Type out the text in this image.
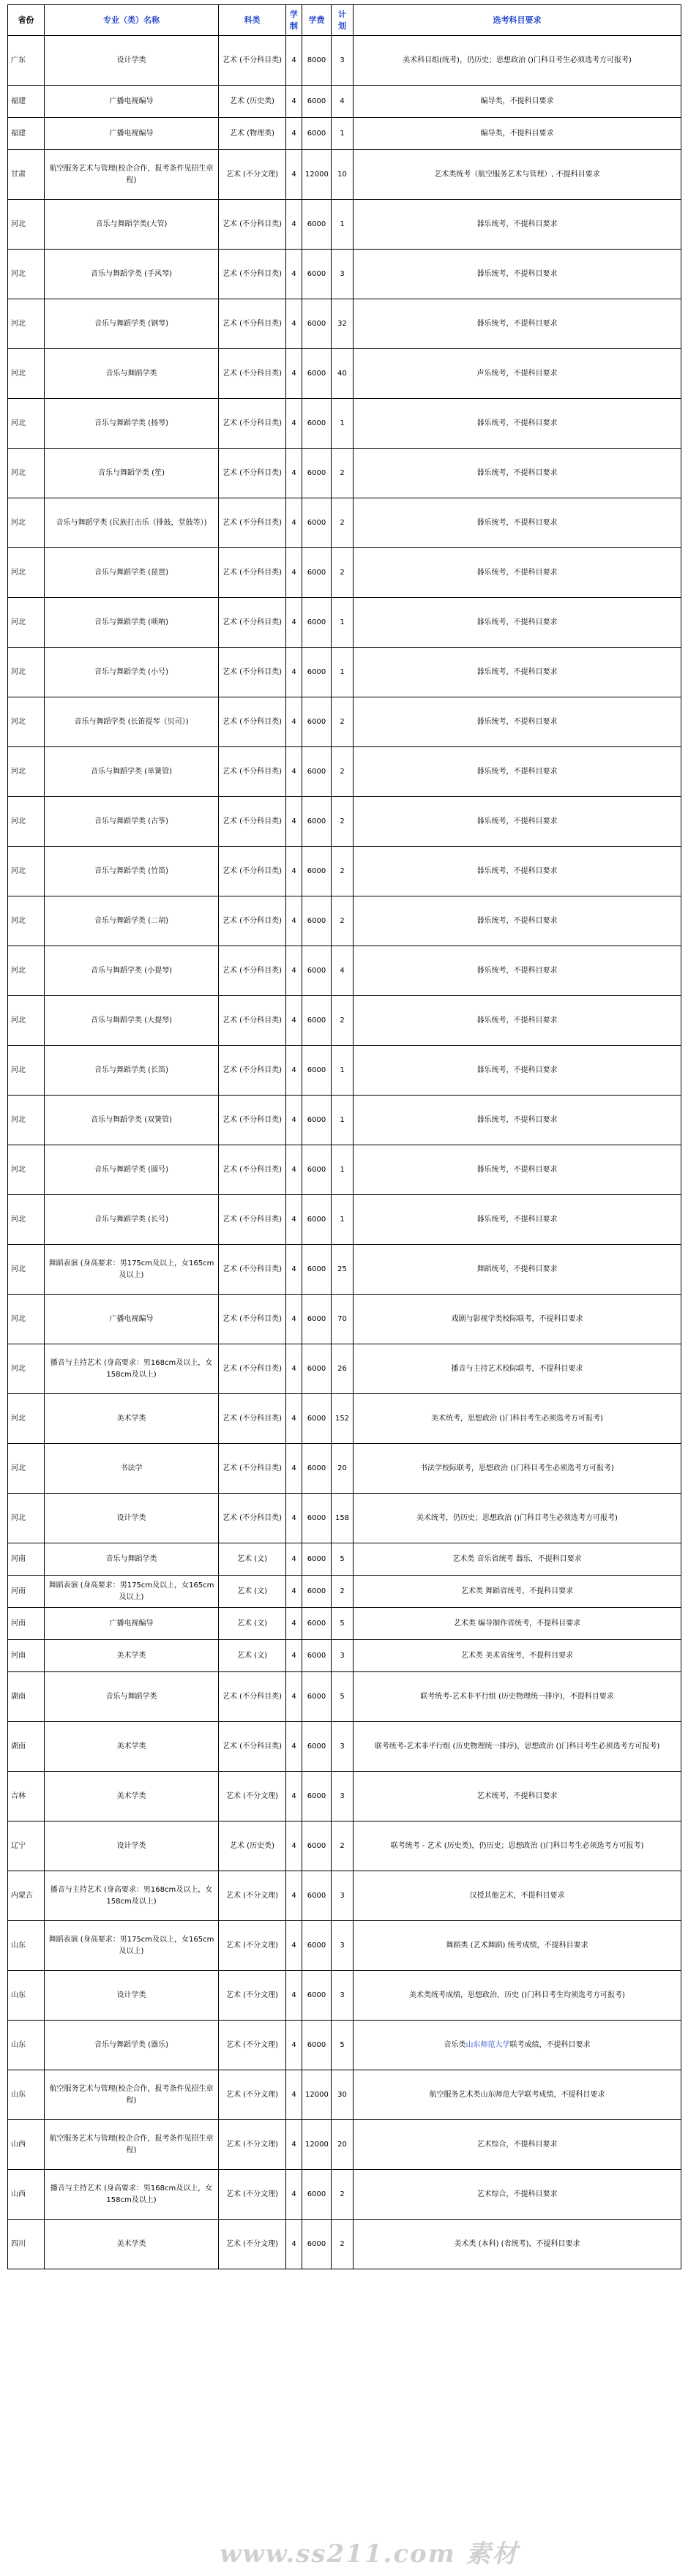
省份	专业（类）名称	科类	学制	学费	计划	选考科目要求
广东	设计学类	艺术 (不分科目类)	4	8000	3	美术科目组(统考)，仍历史；思想政治 ()门科目考生必须选考方可报考)
福建	广播电视编导	艺术 (历史类)	4	6000	4	编导类，不提科目要求
福建	广播电视编导	艺术 (物理类)	4	6000	1	编导类，不提科目要求
甘肃	航空服务艺术与管理(校企合作，报考条件见招生章程)	艺术 (不分文理)	4	12000	10	艺术类统考（航空服务艺术与管理）, 不提科目要求
河北	音乐与舞蹈学类(大管)	艺术 (不分科目类)	4	6000	1	器乐统考，不提科目要求
河北	音乐与舞蹈学类 (手风琴)	艺术 (不分科目类)	4	6000	3	器乐统考，不提科目要求
河北	音乐与舞蹈学类 (钢琴)	艺术 (不分科目类)	4	6000	32	器乐统考，不提科目要求
河北	音乐与舞蹈学类	艺术 (不分科目类)	4	6000	40	声乐统考，不提科目要求
河北	音乐与舞蹈学类 (扬琴)	艺术 (不分科目类)	4	6000	1	器乐统考，不提科目要求
河北	音乐与舞蹈学类 (笙)	艺术 (不分科目类)	4	6000	2	器乐统考，不提科目要求
河北	音乐与舞蹈学类 (民族打击乐（排鼓，堂鼓等）)	艺术 (不分科目类)	4	6000	2	器乐统考，不提科目要求
河北	音乐与舞蹈学类 (琵琶)	艺术 (不分科目类)	4	6000	2	器乐统考，不提科目要求
河北	音乐与舞蹈学类 (唢呐)	艺术 (不分科目类)	4	6000	1	器乐统考，不提科目要求
河北	音乐与舞蹈学类 (小号)	艺术 (不分科目类)	4	6000	1	器乐统考，不提科目要求
河北	音乐与舞蹈学类 (长笛提琴（贝司）)	艺术 (不分科目类)	4	6000	2	器乐统考，不提科目要求
河北	音乐与舞蹈学类 (单簧管)	艺术 (不分科目类)	4	6000	2	器乐统考，不提科目要求
河北	音乐与舞蹈学类 (古筝)	艺术 (不分科目类)	4	6000	2	器乐统考，不提科目要求
河北	音乐与舞蹈学类 (竹笛)	艺术 (不分科目类)	4	6000	2	器乐统考，不提科目要求
河北	音乐与舞蹈学类 (二胡)	艺术 (不分科目类)	4	6000	2	器乐统考，不提科目要求
河北	音乐与舞蹈学类 (小提琴)	艺术 (不分科目类)	4	6000	4	器乐统考，不提科目要求
河北	音乐与舞蹈学类 (大提琴)	艺术 (不分科目类)	4	6000	2	器乐统考，不提科目要求
河北	音乐与舞蹈学类 (长笛)	艺术 (不分科目类)	4	6000	1	器乐统考，不提科目要求
河北	音乐与舞蹈学类 (双簧管)	艺术 (不分科目类)	4	6000	1	器乐统考，不提科目要求
河北	音乐与舞蹈学类 (圆号)	艺术 (不分科目类)	4	6000	1	器乐统考，不提科目要求
河北	音乐与舞蹈学类 (长号)	艺术 (不分科目类)	4	6000	1	器乐统考，不提科目要求
河北	舞蹈表演 (身高要求：男175cm及以上，女165cm及以上)	艺术 (不分科目类)	4	6000	25	舞蹈统考，不提科目要求
河北	广播电视编导	艺术 (不分科目类)	4	6000	70	戏剧与影视学类校际联考，不提科目要求
河北	播音与主持艺术 (身高要求：男168cm及以上，女158cm及以上)	艺术 (不分科目类)	4	6000	26	播音与主持艺术校际联考，不提科目要求
河北	美术学类	艺术 (不分科目类)	4	6000	152	美术统考，思想政治 ()门科目考生必须选考方可报考)
河北	书法学	艺术 (不分科目类)	4	6000	20	书法学校际联考，思想政治 ()门科目考生必须选考方可报考)
河北	设计学类	艺术 (不分科目类)	4	6000	158	美术统考，仍历史；思想政治 ()门科目考生必须选考方可报考)
河南	音乐与舞蹈学类	艺术 (文)	4	6000	5	艺术类 音乐省统考 器乐，不提科目要求
河南	舞蹈表演 (身高要求：男175cm及以上，女165cm及以上)	艺术 (文)	4	6000	2	艺术类 舞蹈省统考，不提科目要求
河南	广播电视编导	艺术 (文)	4	6000	5	艺术类 编导制作省统考，不提科目要求
河南	美术学类	艺术 (文)	4	6000	3	艺术类 美术省统考，不提科目要求
湖南	音乐与舞蹈学类	艺术 (不分科目类)	4	6000	5	联考统考-艺术非平行组 (历史物理统一排序)，不提科目要求
湖南	美术学类	艺术 (不分科目类)	4	6000	3	联考统考-艺术非平行组 (历史物理统一排序)，思想政治 ()门科目考生必须选考方可报考)
吉林	美术学类	艺术 (不分文理)	4	6000	3	艺术统考，不提科目要求
辽宁	设计学类	艺术 (历史类)	4	6000	2	联考统考 - 艺术 (历史类)，仍历史；思想政治 ()门科目考生必须选考方可报考)
内蒙古	播音与主持艺术 (身高要求：男168cm及以上，女158cm及以上)	艺术 (不分文理)	4	6000	3	汉授其他艺术，不提科目要求
山东	舞蹈表演 (身高要求：男175cm及以上，女165cm及以上)	艺术 (不分文理)	4	6000	3	舞蹈类 (艺术舞蹈) 统考成绩，不提科目要求
山东	设计学类	艺术 (不分文理)	4	6000	3	美术类统考成绩，思想政治，历史 ()门科目考生均须选考方可报考)
山东	音乐与舞蹈学类 (器乐)	艺术 (不分文理)	4	6000	5	音乐类山东师范大学联考成绩，不提科目要求
山东	航空服务艺术与管理(校企合作，报考条件见招生章程)	艺术 (不分文理)	4	12000	30	航空服务艺术类山东师范大学联考成绩，不提科目要求
山西	航空服务艺术与管理(校企合作，报考条件见招生章程)	艺术 (不分文理)	4	12000	20	艺术综合，不提科目要求
山西	播音与主持艺术 (身高要求：男168cm及以上，女158cm及以上)	艺术 (不分文理)	4	6000	2	艺术综合，不提科目要求
四川	美术学类	艺术 (不分文理)	4	6000	2	美术类 (本科) (省统考)，不提科目要求
www.ss211.com 素材
